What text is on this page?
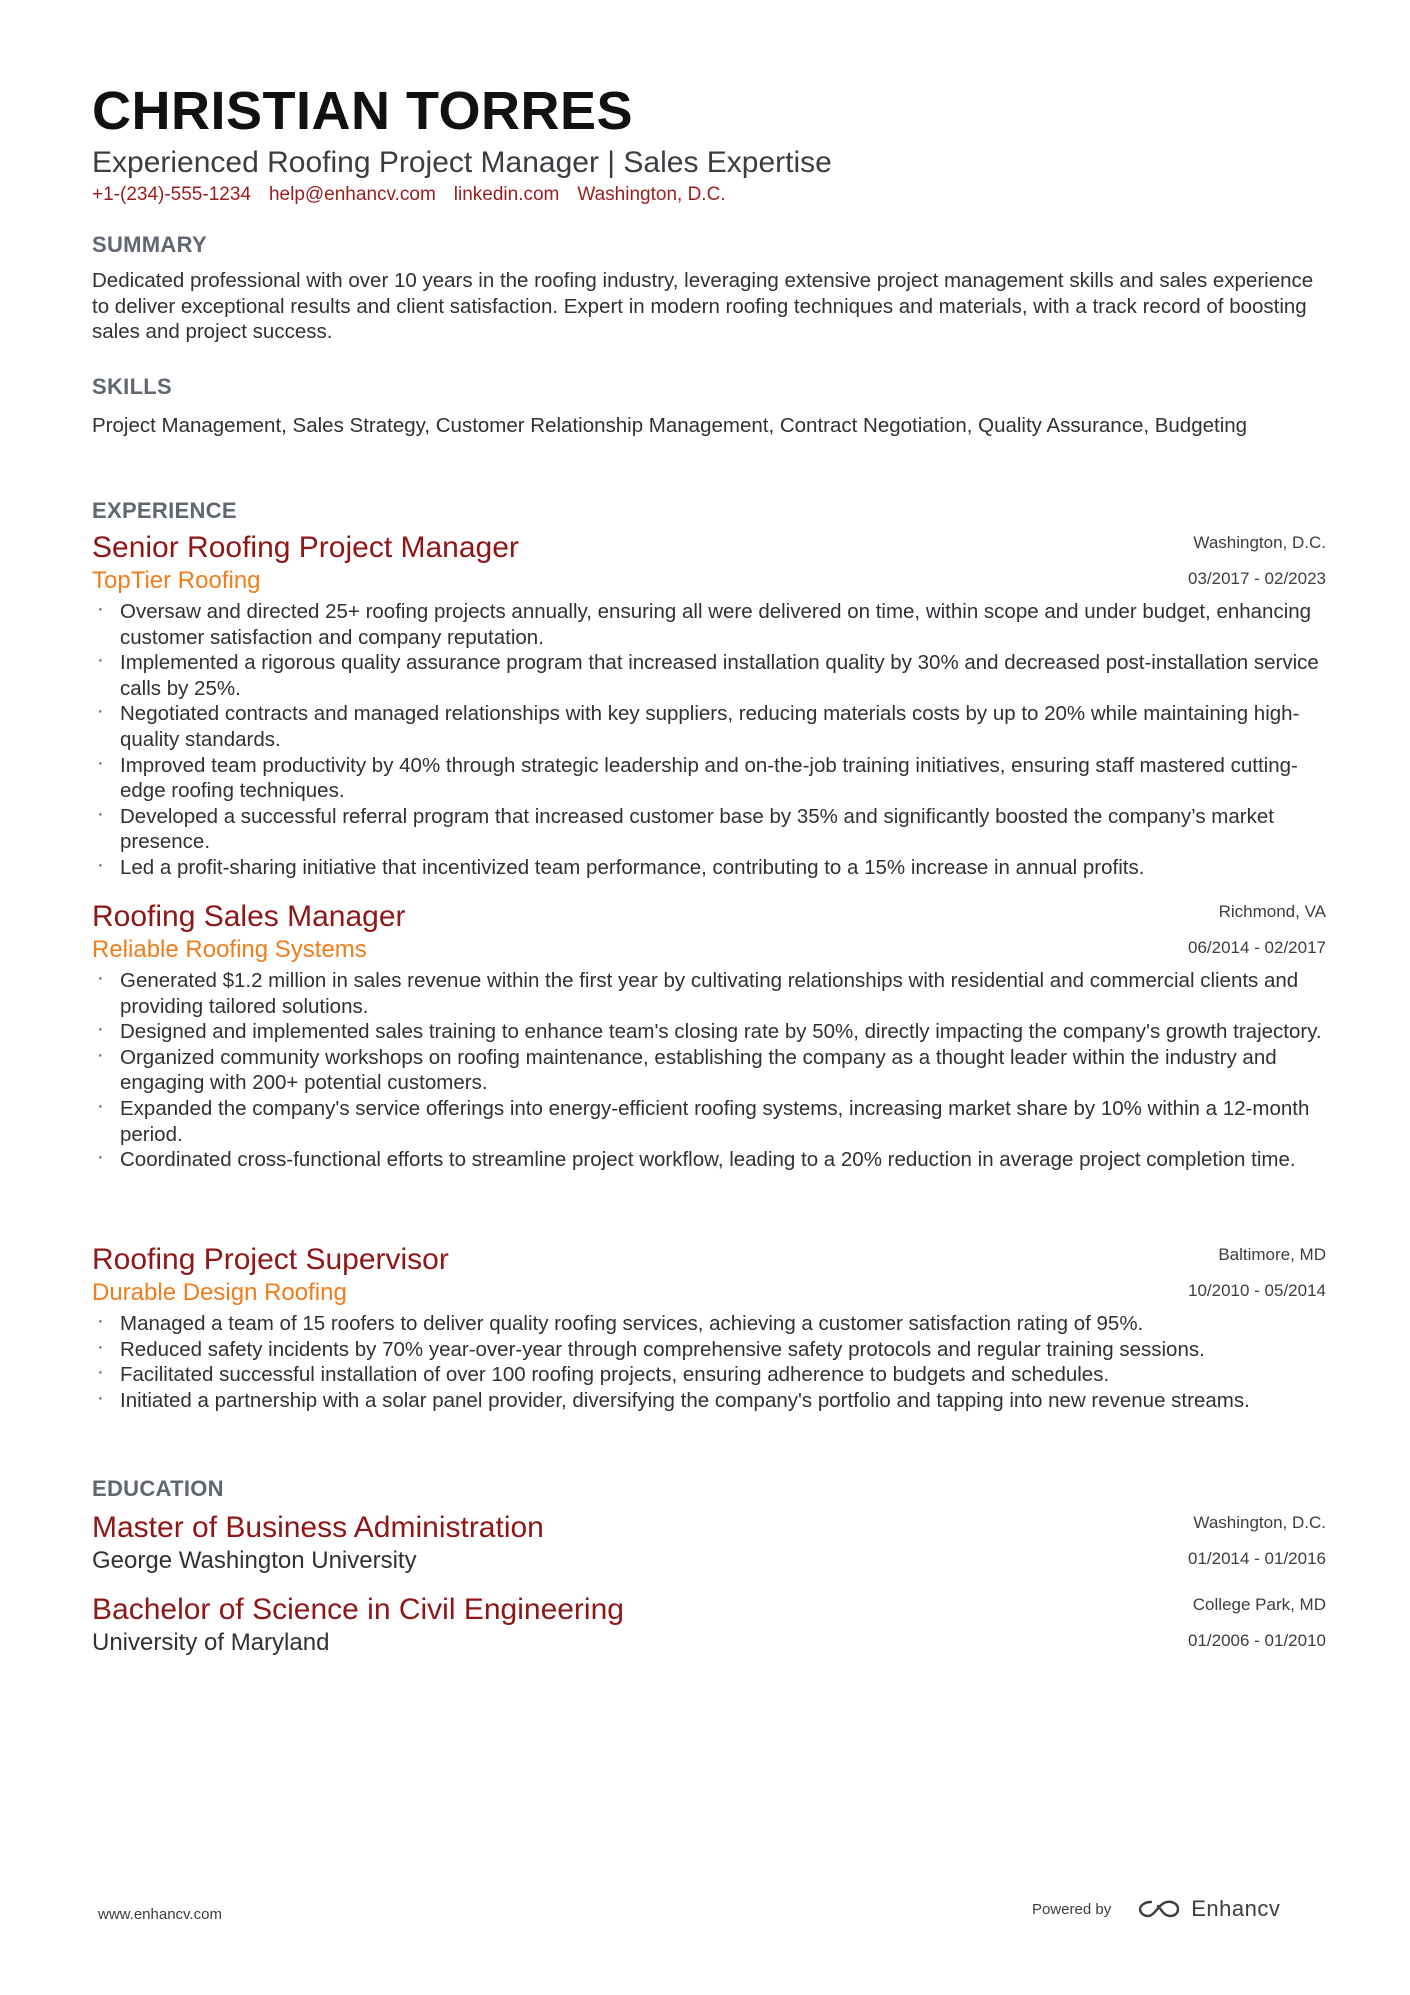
CHRISTIAN TORRES
Experienced Roofing Project Manager | Sales Expertise
+1-(234)-555-1234 help@enhancv.com linkedin.com Washington, D.C.
SUMMARY

Dedicated professional with over 10 years in the roofing industry, leveraging extensive project management skills and sales experience to deliver exceptional results and client satisfaction. Expert in modern roofing techniques and materials, with a track record of boosting sales and project success.

SKILLS

Project Management, Sales Strategy, Customer Relationship Management, Contract Negotiation, Quality Assurance, Budgeting

EXPERIENCE
Senior Roofing Project Manager
TopTier Roofing
Washington, D.C.
03/2017 - 02/2023
· Oversaw and directed 25+ roofing projects annually, ensuring all were delivered on time, within scope and under budget, enhancing customer satisfaction and company reputation.
· Implemented a rigorous quality assurance program that increased installation quality by 30% and decreased post-installation service calls by 25%.
· Negotiated contracts and managed relationships with key suppliers, reducing materials costs by up to 20% while maintaining high-quality standards.
· Improved team productivity by 40% through strategic leadership and on-the-job training initiatives, ensuring staff mastered cutting-edge roofing techniques.
· Developed a successful referral program that increased customer base by 35% and significantly boosted the company’s market presence.
· Led a profit-sharing initiative that incentivized team performance, contributing to a 15% increase in annual profits.
Roofing Sales Manager
Reliable Roofing Systems
Richmond, VA
06/2014 - 02/2017
· Generated $1.2 million in sales revenue within the first year by cultivating relationships with residential and commercial clients and providing tailored solutions.
· Designed and implemented sales training to enhance team's closing rate by 50%, directly impacting the company's growth trajectory.
· Organized community workshops on roofing maintenance, establishing the company as a thought leader within the industry and engaging with 200+ potential customers.
· Expanded the company's service offerings into energy-efficient roofing systems, increasing market share by 10% within a 12-month period.
· Coordinated cross-functional efforts to streamline project workflow, leading to a 20% reduction in average project completion time.
Roofing Project Supervisor
Durable Design Roofing
Baltimore, MD
10/2010 - 05/2014
· Managed a team of 15 roofers to deliver quality roofing services, achieving a customer satisfaction rating of 95%.
· Reduced safety incidents by 70% year-over-year through comprehensive safety protocols and regular training sessions.
· Facilitated successful installation of over 100 roofing projects, ensuring adherence to budgets and schedules.
· Initiated a partnership with a solar panel provider, diversifying the company's portfolio and tapping into new revenue streams.
EDUCATION
Master of Business Administration
George Washington University
Washington, D.C.
01/2014 - 01/2016
Bachelor of Science in Civil Engineering
University of Maryland
College Park, MD
01/2006 - 01/2010
www.enhancv.com	Powered by	Enhancv
